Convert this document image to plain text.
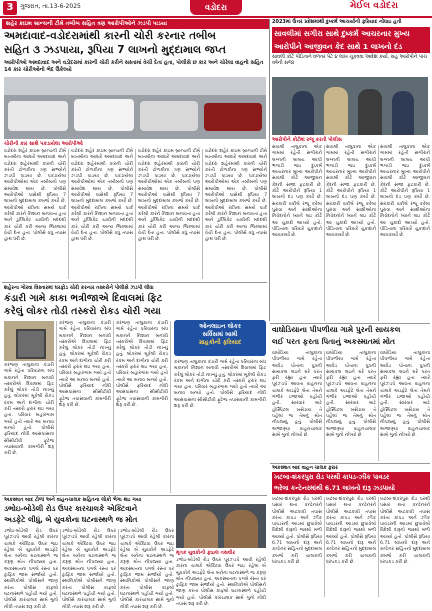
3	ગુજરાત, તા.13-6-2025	વડોદરા	મેઈલ વડોદરા
શહેર ક્રાઇમ બ્રાન્ચની ટીમે તબીબ સહિત ત્રણ આરોપીઓને ઝડપી પાડયા
અમદાવાદ-વડોદરામાંથી કારની ચોરી કરનાર તબીબ
સહિત ૩ ઝડપાયા, રૂપિયા 7 લાખનો મુદ્દામાલ જપ્ત
આરોપીઓ અમદાવાદ અને વડોદરામાં કારની ચોરી કરીને સસ્તામાં વેચી દેતા હતા, પોલીસે છ કાર અને ચોરેલા વાહનો સહિત 14 કાર ચોરીઓનો ભેદ ઉકેલ્યો
ચોરીની કાર સાથે પકડાયેલા આરોપીઓ

વડોદરા શહેર ક્રાઇમ બ્રાન્ચની ટીમે બાતમીના આધારે અમદાવાદ અને વડોદરા શહેરમાંથી કારની ચોરી કરતી ટોળકીના ત્રણ સભ્યોને ઝડપી પાડયા છે. પકડાયેલા આરોપીઓમાં એક તબીબનો પણ સમાવેશ થાય છે. પોલીસે આરોપીઓ પાસેથી રૂપિયા 7 લાખનો મુદ્દામાલ કબજે કર્યો છે. આરોપીઓ રાત્રિના સમયે પાર્ક કરેલી કારને નિશાન બનાવતા હતા અને ડુપ્લિકેટ ચાવીની મદદથી કાર ચોરી કરી અન્ય જિલ્લામાં વેચી દેતા હતા. પોલીસે વધુ તપાસ હાથ ધરી છે.

વડોદરા શહેર ક્રાઇમ બ્રાન્ચની ટીમે બાતમીના આધારે અમદાવાદ અને વડોદરા શહેરમાંથી કારની ચોરી કરતી ટોળકીના ત્રણ સભ્યોને ઝડપી પાડયા છે. પકડાયેલા આરોપીઓમાં એક તબીબનો પણ સમાવેશ થાય છે. પોલીસે આરોપીઓ પાસેથી રૂપિયા 7 લાખનો મુદ્દામાલ કબજે કર્યો છે. આરોપીઓ રાત્રિના સમયે પાર્ક કરેલી કારને નિશાન બનાવતા હતા અને ડુપ્લિકેટ ચાવીની મદદથી કાર ચોરી કરી અન્ય જિલ્લામાં વેચી દેતા હતા. પોલીસે વધુ તપાસ હાથ ધરી છે.

વડોદરા શહેર ક્રાઇમ બ્રાન્ચની ટીમે બાતમીના આધારે અમદાવાદ અને વડોદરા શહેરમાંથી કારની ચોરી કરતી ટોળકીના ત્રણ સભ્યોને ઝડપી પાડયા છે. પકડાયેલા આરોપીઓમાં એક તબીબનો પણ સમાવેશ થાય છે. પોલીસે આરોપીઓ પાસેથી રૂપિયા 7 લાખનો મુદ્દામાલ કબજે કર્યો છે. આરોપીઓ રાત્રિના સમયે પાર્ક કરેલી કારને નિશાન બનાવતા હતા અને ડુપ્લિકેટ ચાવીની મદદથી કાર ચોરી કરી અન્ય જિલ્લામાં વેચી દેતા હતા. પોલીસે વધુ તપાસ હાથ ધરી છે.

વડોદરા શહેર ક્રાઇમ બ્રાન્ચની ટીમે બાતમીના આધારે અમદાવાદ અને વડોદરા શહેરમાંથી કારની ચોરી કરતી ટોળકીના ત્રણ સભ્યોને ઝડપી પાડયા છે. પકડાયેલા આરોપીઓમાં એક તબીબનો પણ સમાવેશ થાય છે. પોલીસે આરોપીઓ પાસેથી રૂપિયા 7 લાખનો મુદ્દામાલ કબજે કર્યો છે. આરોપીઓ રાત્રિના સમયે પાર્ક કરેલી કારને નિશાન બનાવતા હતા અને ડુપ્લિકેટ ચાવીની મદદથી કાર ચોરી કરી અન્ય જિલ્લામાં વેચી દેતા હતા. પોલીસે વધુ તપાસ હાથ ધરી છે.

2023માં ઉત્તર પ્રદેશમાંથી દુષ્કર્મ આચર્યાની ફરિયાદ નોંધાઇ હતી
સાવલીમાં સગીરા સાથે દુષ્કર્મ આચરનાર મુખ્ય
આરોપીને આજીવન કેદ સાથે 1 લાખનો દંડ
સાવલી કોર્ટે પીડિતાને વળતર પેટે ૪ લાખ ચૂકવવા આદેશ કર્યો, સહ આરોપીને પાંચ વર્ષની સજા
આરોપીને કોર્ટમાં રજૂ કરતી પોલીસ

સાવલી તાલુકાના એક ગામમાં રહેતી સગીરાને લગ્નની લાલચ આપી ભગાડી જઇ દુષ્કર્મ આચરનાર મુખ્ય આરોપીને સાવલી કોર્ટે આજીવન કેદની સજા ફટકારી છે. કોર્ટે આરોપીને રૂપિયા 1 લાખનો દંડ પણ કર્યો છે. સરકારી વકીલે રજૂ કરેલા પુરાવા અને સાક્ષીઓના નિવેદનોને ધ્યાને લઇ કોર્ટે આ ચુકાદો આપ્યો હતો. પીડિતાના પરિવારે ચુકાદાને આવકાર્યો છે.

સાવલી તાલુકાના એક ગામમાં રહેતી સગીરાને લગ્નની લાલચ આપી ભગાડી જઇ દુષ્કર્મ આચરનાર મુખ્ય આરોપીને સાવલી કોર્ટે આજીવન કેદની સજા ફટકારી છે. કોર્ટે આરોપીને રૂપિયા 1 લાખનો દંડ પણ કર્યો છે. સરકારી વકીલે રજૂ કરેલા પુરાવા અને સાક્ષીઓના નિવેદનોને ધ્યાને લઇ કોર્ટે આ ચુકાદો આપ્યો હતો. પીડિતાના પરિવારે ચુકાદાને આવકાર્યો છે.

સાવલી તાલુકાના એક ગામમાં રહેતી સગીરાને લગ્નની લાલચ આપી ભગાડી જઇ દુષ્કર્મ આચરનાર મુખ્ય આરોપીને સાવલી કોર્ટે આજીવન કેદની સજા ફટકારી છે. કોર્ટે આરોપીને રૂપિયા 1 લાખનો દંડ પણ કર્યો છે. સરકારી વકીલે રજૂ કરેલા પુરાવા અને સાક્ષીઓના નિવેદનોને ધ્યાને લઇ કોર્ટે આ ચુકાદો આપ્યો હતો. પીડિતાના પરિવારે ચુકાદાને આવકાર્યો છે.

શહેરના ગોરવા વિસ્તારમાં ઘરફોડ ચોરી કરનાર તસ્કરોને પોલીસે ઝડપી લીધા
કંડારી ગામે કાકા ભત્રીજાએ દિવાલમાં ફિટ
કરેલું લોકર તોડી તસ્કરો રોકડ ચોરી ગયા

કરજણ તાલુકાના કંડારી ગામે રહેતા પરિવારના બંધ મકાનને નિશાન બનાવી તસ્કરોએ દિવાલમાં ફિટ કરેલું લોકર તોડી નાખ્યું હતું. લોકરમાં મૂકેલી રોકડ રકમ અને દાગીના ચોરી કરી તસ્કરો ફરાર થઇ ગયા હતા. પરિવાર બહારગામ ગયો હતો ત્યારે આ બનાવ બન્યો હતો. પોલીસે ફરિયાદ નોંધી આસપાસના સીસીટીવી ફૂટેજ તપાસવાની કામગીરી શરૂ કરી છે.

કરજણ તાલુકાના કંડારી ગામે રહેતા પરિવારના બંધ મકાનને નિશાન બનાવી તસ્કરોએ દિવાલમાં ફિટ કરેલું લોકર તોડી નાખ્યું હતું. લોકરમાં મૂકેલી રોકડ રકમ અને દાગીના ચોરી કરી તસ્કરો ફરાર થઇ ગયા હતા. પરિવાર બહારગામ ગયો હતો ત્યારે આ બનાવ બન્યો હતો. પોલીસે ફરિયાદ નોંધી આસપાસના સીસીટીવી ફૂટેજ તપાસવાની કામગીરી શરૂ કરી છે.

કરજણ તાલુકાના કંડારી ગામે રહેતા પરિવારના બંધ મકાનને નિશાન બનાવી તસ્કરોએ દિવાલમાં ફિટ કરેલું લોકર તોડી નાખ્યું હતું. લોકરમાં મૂકેલી રોકડ રકમ અને દાગીના ચોરી કરી તસ્કરો ફરાર થઇ ગયા હતા. પરિવાર બહારગામ ગયો હતો ત્યારે આ બનાવ બન્યો હતો. પોલીસે ફરિયાદ નોંધી આસપાસના સીસીટીવી ફૂટેજ તપાસવાની કામગીરી શરૂ કરી છે.

ઓનલાઇન લોકર
સર્વિસમાં ખામી
ગ્રાહકોની ફરિયાદ

કરજણ તાલુકાના કંડારી ગામે રહેતા પરિવારના બંધ મકાનને નિશાન બનાવી તસ્કરોએ દિવાલમાં ફિટ કરેલું લોકર તોડી નાખ્યું હતું. લોકરમાં મૂકેલી રોકડ રકમ અને દાગીના ચોરી કરી તસ્કરો ફરાર થઇ ગયા હતા. પરિવાર બહારગામ ગયો હતો ત્યારે આ બનાવ બન્યો હતો. પોલીસે ફરિયાદ નોંધી આસપાસના સીસીટીવી ફૂટેજ તપાસવાની કામગીરી શરૂ કરી છે.

વાઘોડિયાના પીપળીયા ગામે પુરની સાયકલ
લઈ પરત ફરતા પિતાનું અકસ્માતમાં મોત

વાઘોડિયા તાલુકાના પીપળીયા ગામે રહેતા આધેડ પોતાના પુત્રની સાયકલ લઇને ઘરે પરત ફરી રહ્યા હતા ત્યારે પૂરઝડપે આવતા વાહનના ચાલકે અડફેટે લેતા તેમને ગંભીર ઇજાઓ પહોંચી હતી. સારવાર માટે હોસ્પિટલ ખસેડાય તે પહેલાં જ તેમનું મોત નીપજ્યું હતું. પોલીસે અજાણ્યા વાહનચાલક સામે ગુનો નોંધ્યો છે.

વાઘોડિયા તાલુકાના પીપળીયા ગામે રહેતા આધેડ પોતાના પુત્રની સાયકલ લઇને ઘરે પરત ફરી રહ્યા હતા ત્યારે પૂરઝડપે આવતા વાહનના ચાલકે અડફેટે લેતા તેમને ગંભીર ઇજાઓ પહોંચી હતી. સારવાર માટે હોસ્પિટલ ખસેડાય તે પહેલાં જ તેમનું મોત નીપજ્યું હતું. પોલીસે અજાણ્યા વાહનચાલક સામે ગુનો નોંધ્યો છે.

વાઘોડિયા તાલુકાના પીપળીયા ગામે રહેતા આધેડ પોતાના પુત્રની સાયકલ લઇને ઘરે પરત ફરી રહ્યા હતા ત્યારે પૂરઝડપે આવતા વાહનના ચાલકે અડફેટે લેતા તેમને ગંભીર ઇજાઓ પહોંચી હતી. સારવાર માટે હોસ્પિટલ ખસેડાય તે પહેલાં જ તેમનું મોત નીપજ્યું હતું. પોલીસે અજાણ્યા વાહનચાલક સામે ગુનો નોંધ્યો છે.

અકસ્માત બાદ વાહન ચાલક ફરાર
ખટંબા-શંકરપુરા રોડ પરથી કાપડ-ઝીંક પાવડર
ભરેલા કન્ટેનરમાંથી 6.71 લાખનો દારૂ ઝડપાયો

ખટંબા-શંકરપુરા રોડ પરથી પસાર થતા કન્ટેનરને પોલીસે અટકાવી તપાસ કરતા કાપડ અને ઝીંક પાવડરની આડમાં છુપાવેલો વિદેશી દારૂનો જથ્થો મળી આવ્યો હતો. પોલીસે રૂપિયા 6.71 લાખનો દારૂ અને કન્ટેનર સહિતનો મુદ્દામાલ કબજે કરી ચાલકની ધરપકડ કરી છે.

ખટંબા-શંકરપુરા રોડ પરથી પસાર થતા કન્ટેનરને પોલીસે અટકાવી તપાસ કરતા કાપડ અને ઝીંક પાવડરની આડમાં છુપાવેલો વિદેશી દારૂનો જથ્થો મળી આવ્યો હતો. પોલીસે રૂપિયા 6.71 લાખનો દારૂ અને કન્ટેનર સહિતનો મુદ્દામાલ કબજે કરી ચાલકની ધરપકડ કરી છે.

ખટંબા-શંકરપુરા રોડ પરથી પસાર થતા કન્ટેનરને પોલીસે અટકાવી તપાસ કરતા કાપડ અને ઝીંક પાવડરની આડમાં છુપાવેલો વિદેશી દારૂનો જથ્થો મળી આવ્યો હતો. પોલીસે રૂપિયા 6.71 લાખનો દારૂ અને કન્ટેનર સહિતનો મુદ્દામાલ કબજે કરી ચાલકની ધરપકડ કરી છે.

અકસ્માત બાદ ટોળાં અને વાહનચાલક સહિતના લોકો ભેગા થઇ ગયા
ડભોઇ-બોડેલી રોડ ઉપર કારચાલકે એક્ટિવાને
અડફેટે લીધું, બે યુવકોના ઘટનાસ્થળે જ મોત
મૃતક યુવકોની ફાઇલ તસવીર

ડભોઇ-બોડેલી રોડ ઉપર પૂરઝડપે આવી રહેલી કારના ચાલકે એક્ટિવા ઉપર જઇ રહેલા બે યુવકોને અડફેટે લેતા બંનેના ઘટનાસ્થળે જ કરૂણ મોત નીપજ્યા હતા. અકસ્માતના પગલે રસ્તા પર ટ્રાફિક જામ સર્જાયો હતો. સ્થાનિકોએ પોલીસને જાણ કરતા પોલીસ કાફલો ઘટનાસ્થળે પહોંચી ગયો હતો. પોલીસે કારચાલક સામે ગુનો નોંધી તપાસ શરૂ કરી છે.

ડભોઇ-બોડેલી રોડ ઉપર પૂરઝડપે આવી રહેલી કારના ચાલકે એક્ટિવા ઉપર જઇ રહેલા બે યુવકોને અડફેટે લેતા બંનેના ઘટનાસ્થળે જ કરૂણ મોત નીપજ્યા હતા. અકસ્માતના પગલે રસ્તા પર ટ્રાફિક જામ સર્જાયો હતો. સ્થાનિકોએ પોલીસને જાણ કરતા પોલીસ કાફલો ઘટનાસ્થળે પહોંચી ગયો હતો. પોલીસે કારચાલક સામે ગુનો નોંધી તપાસ શરૂ કરી છે.

ડભોઇ-બોડેલી રોડ ઉપર પૂરઝડપે આવી રહેલી કારના ચાલકે એક્ટિવા ઉપર જઇ રહેલા બે યુવકોને અડફેટે લેતા બંનેના ઘટનાસ્થળે જ કરૂણ મોત નીપજ્યા હતા. અકસ્માતના પગલે રસ્તા પર ટ્રાફિક જામ સર્જાયો હતો. સ્થાનિકોએ પોલીસને જાણ કરતા પોલીસ કાફલો ઘટનાસ્થળે પહોંચી ગયો હતો. પોલીસે કારચાલક સામે ગુનો નોંધી તપાસ શરૂ કરી છે.

ડભોઇ-બોડેલી રોડ ઉપર પૂરઝડપે આવી રહેલી કારના ચાલકે એક્ટિવા ઉપર જઇ રહેલા બે યુવકોને અડફેટે લેતા બંનેના ઘટનાસ્થળે જ કરૂણ મોત નીપજ્યા હતા. અકસ્માતના પગલે રસ્તા પર ટ્રાફિક જામ સર્જાયો હતો. સ્થાનિકોએ પોલીસને જાણ કરતા પોલીસ કાફલો ઘટનાસ્થળે પહોંચી ગયો હતો. પોલીસે કારચાલક સામે ગુનો નોંધી તપાસ શરૂ કરી છે.
